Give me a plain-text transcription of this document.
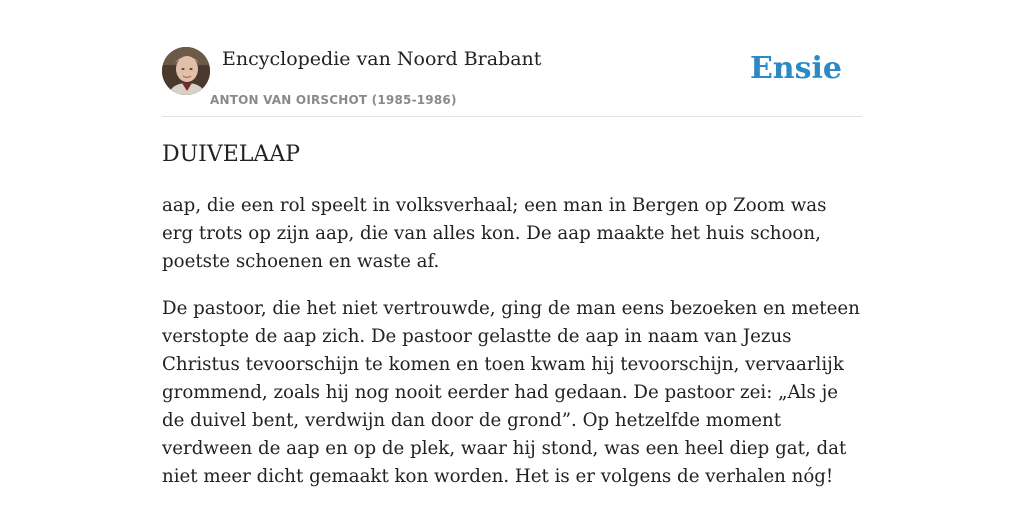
Encyclopedie van Noord Brabant
ANTON VAN OIRSCHOT (1985-1986)
Ensie
DUIVELAAP

aap, die een rol speelt in volksverhaal; een man in Bergen op Zoom was erg trots op zijn aap, die van alles kon. De aap maakte het huis schoon, poetste schoenen en waste af.

De pastoor, die het niet vertrouwde, ging de man eens bezoeken en meteen verstopte de aap zich. De pastoor gelastte de aap in naam van Jezus Christus tevoorschijn te komen en toen kwam hij tevoorschijn, vervaarlijk grommend, zoals hij nog nooit eerder had gedaan. De pastoor zei: „Als je de duivel bent, verdwijn dan door de grond”. Op hetzelfde moment verdween de aap en op de plek, waar hij stond, was een heel diep gat, dat niet meer dicht gemaakt kon worden. Het is er volgens de verhalen nóg!
